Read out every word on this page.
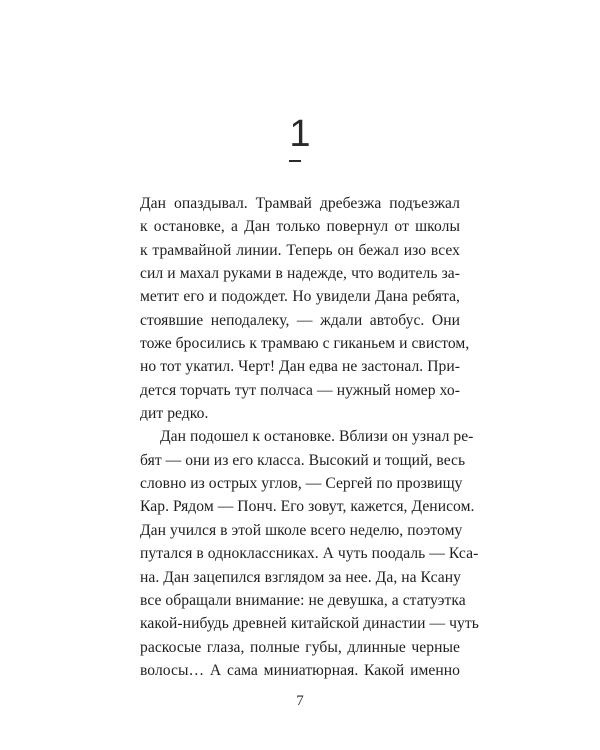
1
Дан опаздывал. Трамвай дребезжа подъезжал
к остановке, а Дан только повернул от школы
к трамвайной линии. Теперь он бежал изо всех
сил и махал руками в надежде, что водитель за-
метит его и подождет. Но увидели Дана ребята,
стоявшие неподалеку, — ждали автобус. Они
тоже бросились к трамваю с гиканьем и свистом,
но тот укатил. Черт! Дан едва не застонал. При-
дется торчать тут полчаса — нужный номер хо-
дит редко.
Дан подошел к остановке. Вблизи он узнал ре-
бят — они из его класса. Высокий и тощий, весь
словно из острых углов, — Сергей по прозвищу
Кар. Рядом — Понч. Его зовут, кажется, Денисом.
Дан учился в этой школе всего неделю, поэтому
путался в одноклассниках. А чуть поодаль — Кса-
на. Дан зацепился взглядом за нее. Да, на Ксану
все обращали внимание: не девушка, а статуэтка
какой-нибудь древней китайской династии — чуть
раскосые глаза, полные губы, длинные черные
волосы… А сама миниатюрная. Какой именно
7
